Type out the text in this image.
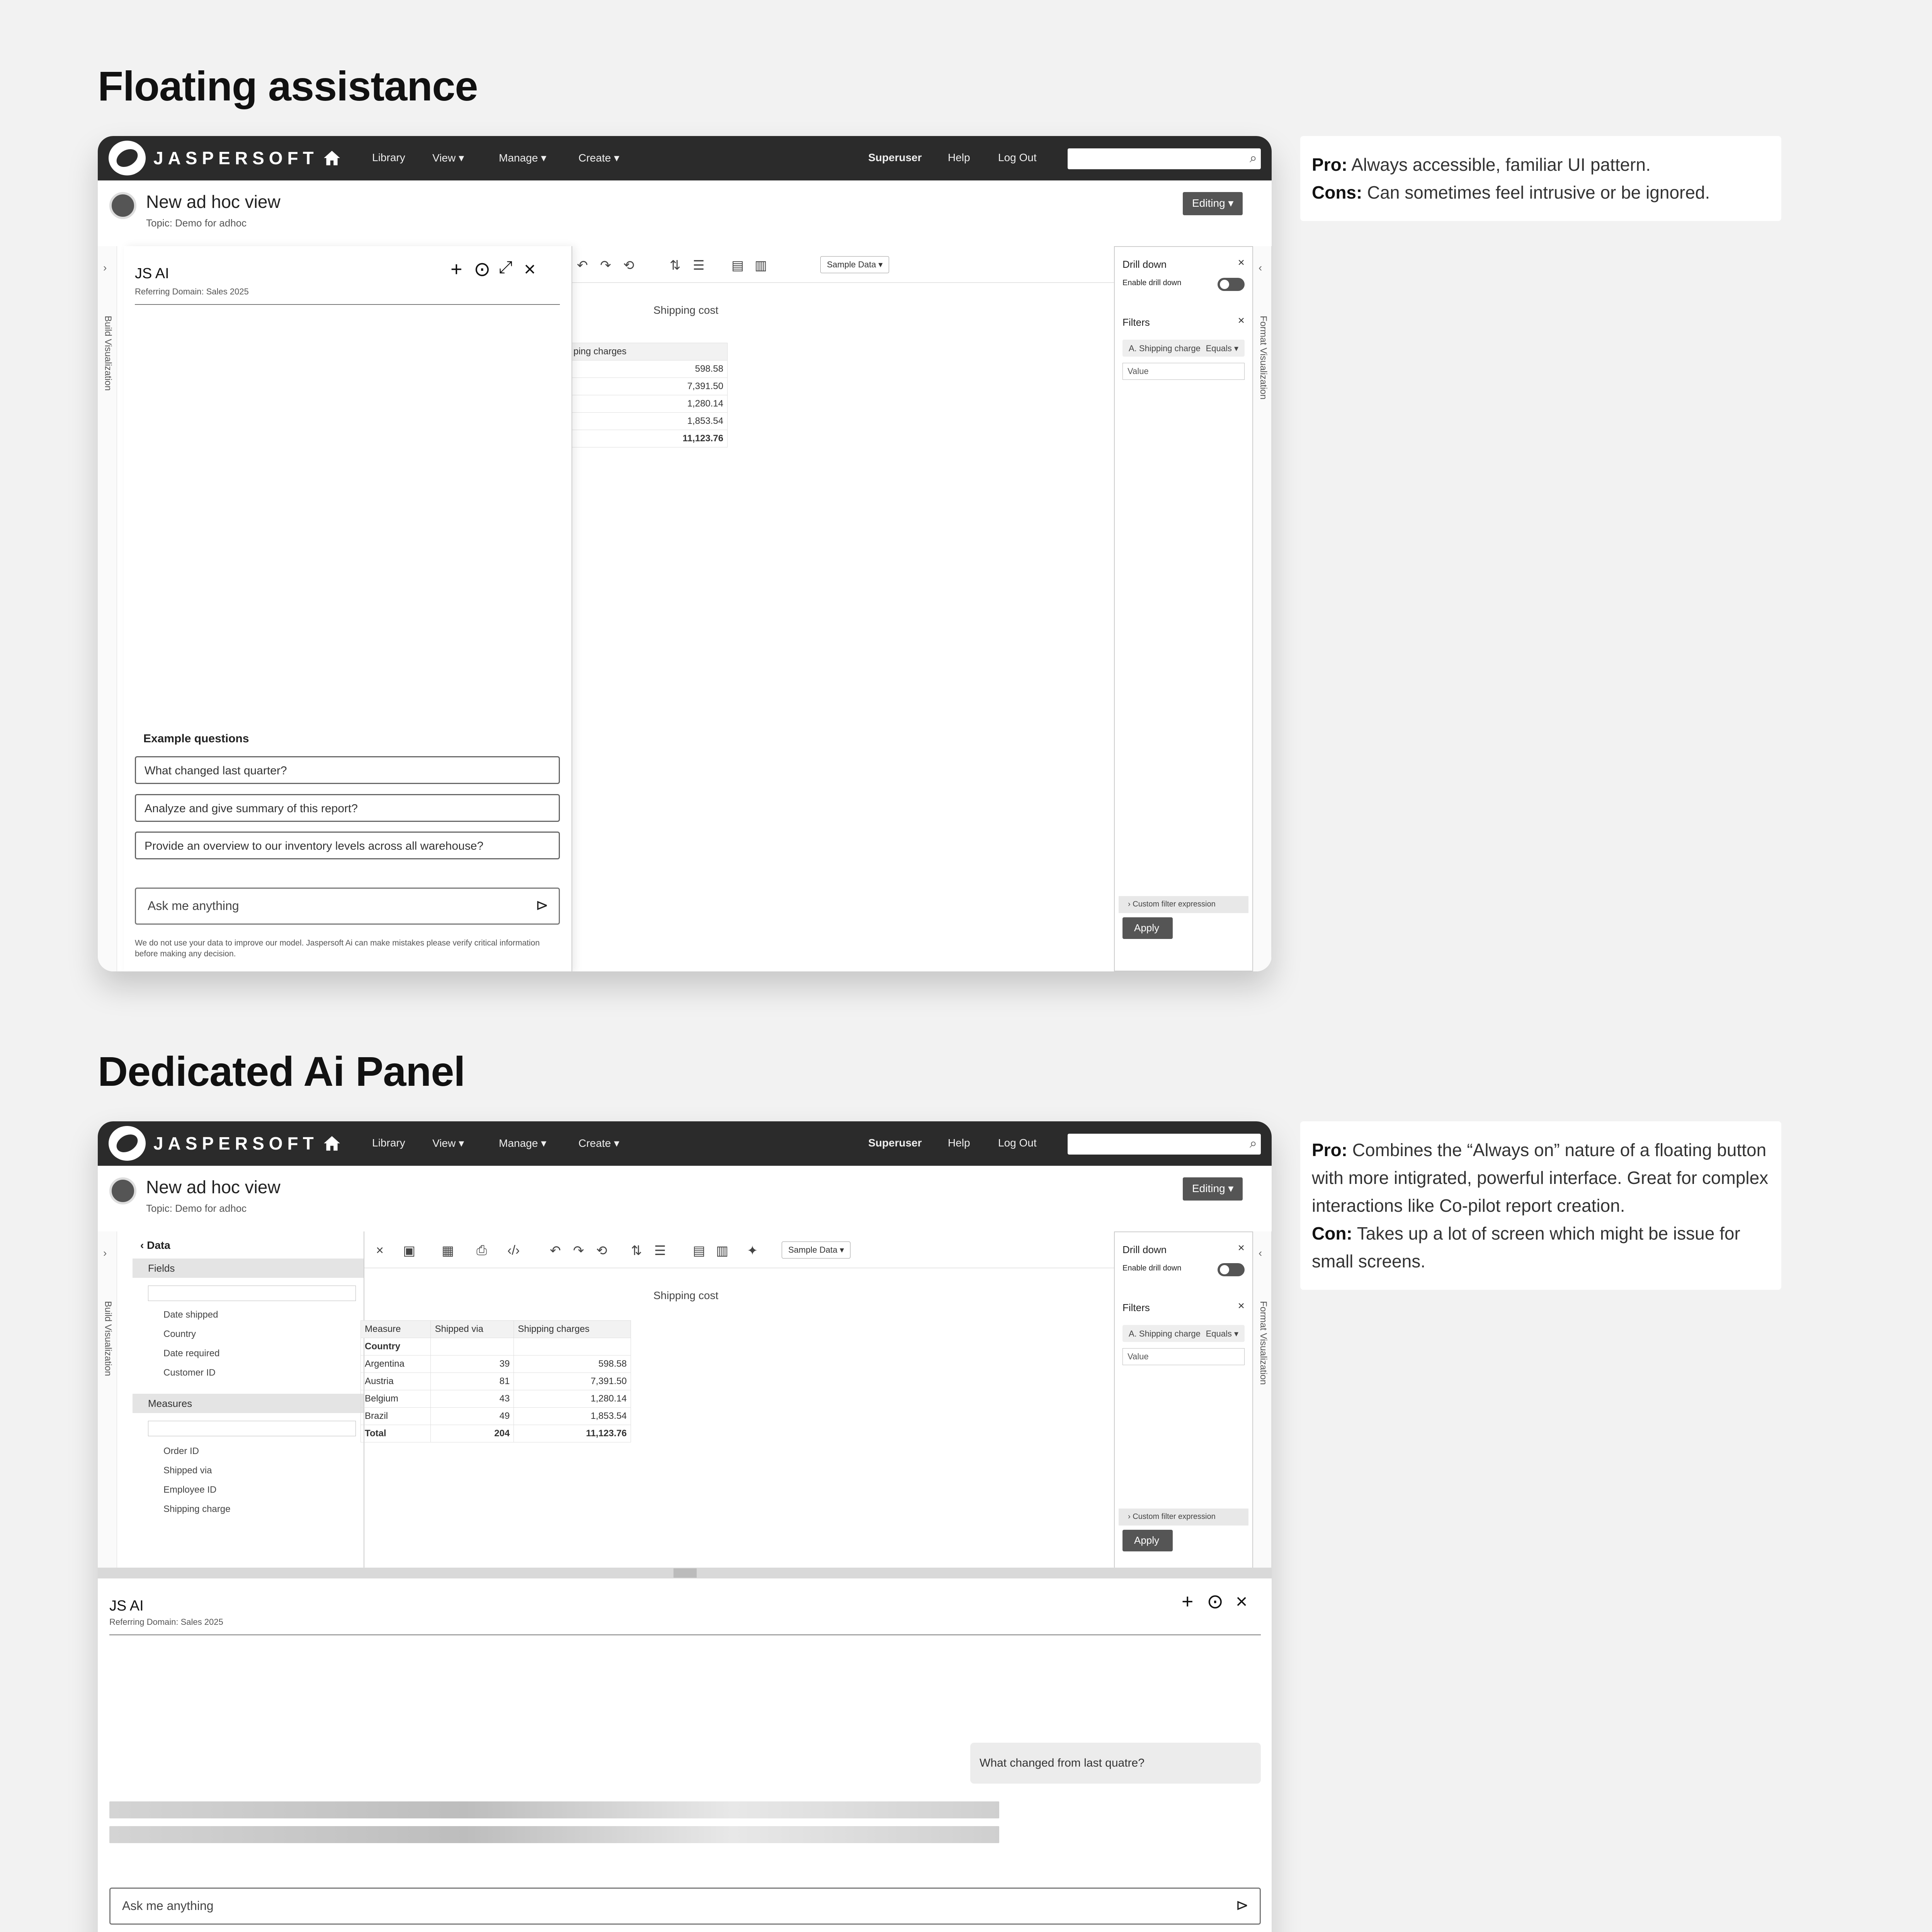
Floating assistance
Pro: Always accessible, familiar UI pattern.
Cons: Can sometimes feel intrusive or be ignored.
JASPERSOFT	Library	View ▾	Manage ▾	Create ▾	Superuser Help	Log Out
⌕
New ad hoc view
Topic: Demo for adhoc
Editing ▾
›
Build Visualization
↶ ↷ ⟲	⇅ ☰ ▤ ▥	Sample Data ▾
Shipping cost
ping charges
598.58
7,391.50
1,280.14
1,853.54
11,123.76
Drill down	×
Enable drill down
Filters	×
A. Shipping charge Equals ▾
Value
› Custom filter expression
Apply
‹
Format Visualization
JS AI
Referring Domain: Sales 2025
+ ⊙ ⤢ ×
Example questions
What changed last quarter?
Analyze and give summary of this report?
Provide an overview to our inventory levels across all warehouse?
Ask me anything	⊳
We do not use your data to improve our model. Jaspersoft Ai can make mistakes please verify critical information before making any decision.
Dedicated Ai Panel
Pro: Combines the “Always on” nature of a floating button with more intigrated, powerful interface. Great for complex interactions like Co-pilot report creation.
Con: Takes up a lot of screen which might be issue for small screens.
JASPERSOFT	Library	View ▾	Manage ▾	Create ▾	Superuser Help	Log Out
⌕
New ad hoc view
Topic: Demo for adhoc
Editing ▾
›
Build Visualization
‹ Data
Fields
Date shipped
Country
Date required
Customer ID
Measures
Order ID
Shipped via
Employee ID
Shipping charge
× ▣ ▦ ⎙ ‹/› ↶ ↷ ⟲ ⇅ ☰ ▤ ▥ ✦	Sample Data ▾
Shipping cost
Measure	Shipped via	Shipping charges
Country		
Argentina	39	598.58
Austria	81	7,391.50
Belgium	43	1,280.14
Brazil	49	1,853.54
Total	204	11,123.76
Drill down	×
Enable drill down
Filters	×
A. Shipping charge Equals ▾
Value
› Custom filter expression
Apply
‹
Format Visualization
JS AI
Referring Domain: Sales 2025
+ ⊙ ×
What changed from last quatre?
Ask me anything	⊳
